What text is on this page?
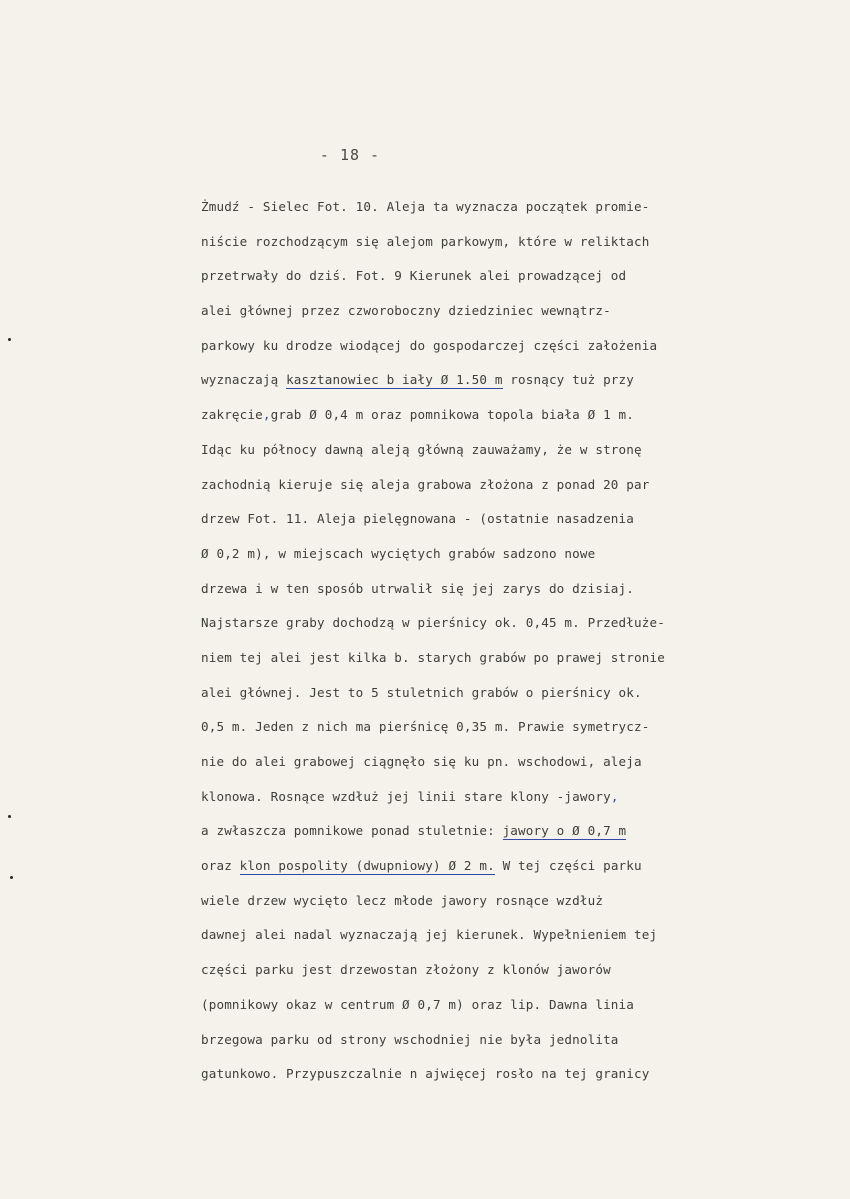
- 18 -
Żmudź - Sielec Fot. 10. Aleja ta wyznacza początek promie-
niście rozchodzącym się alejom parkowym, które w reliktach
przetrwały do dziś. Fot. 9 Kierunek alei prowadzącej od
alei głównej przez czworoboczny dziedziniec wewnątrz-
parkowy ku drodze wiodącej do gospodarczej części założenia
wyznaczają kasztanowiec b iały Ø 1.50 m rosnący tuż przy
zakręcie,grab Ø 0,4 m oraz pomnikowa topola biała Ø 1 m.
Idąc ku północy dawną aleją główną zauważamy, że w stronę
zachodnią kieruje się aleja grabowa złożona z ponad 20 par
drzew Fot. 11. Aleja pielęgnowana - (ostatnie nasadzenia
Ø 0,2 m), w miejscach wyciętych grabów sadzono nowe
drzewa i w ten sposób utrwalił się jej zarys do dzisiaj.
Najstarsze graby dochodzą w pierśnicy ok. 0,45 m. Przedłuże-
niem tej alei jest kilka b. starych grabów po prawej stronie
alei głównej. Jest to 5 stuletnich grabów o pierśnicy ok.
0,5 m. Jeden z nich ma pierśnicę 0,35 m. Prawie symetrycz-
nie do alei grabowej ciągnęło się ku pn. wschodowi, aleja
klonowa. Rosnące wzdłuż jej linii stare klony -jawory,
a zwłaszcza pomnikowe ponad stuletnie: jawory o Ø 0,7 m
oraz klon pospolity (dwupniowy) Ø 2 m. W tej części parku
wiele drzew wycięto lecz młode jawory rosnące wzdłuż
dawnej alei nadal wyznaczają jej kierunek. Wypełnieniem tej
części parku jest drzewostan złożony z klonów jaworów
(pomnikowy okaz w centrum Ø 0,7 m) oraz lip. Dawna linia
brzegowa parku od strony wschodniej nie była jednolita
gatunkowo. Przypuszczalnie n ajwięcej rosło na tej granicy
